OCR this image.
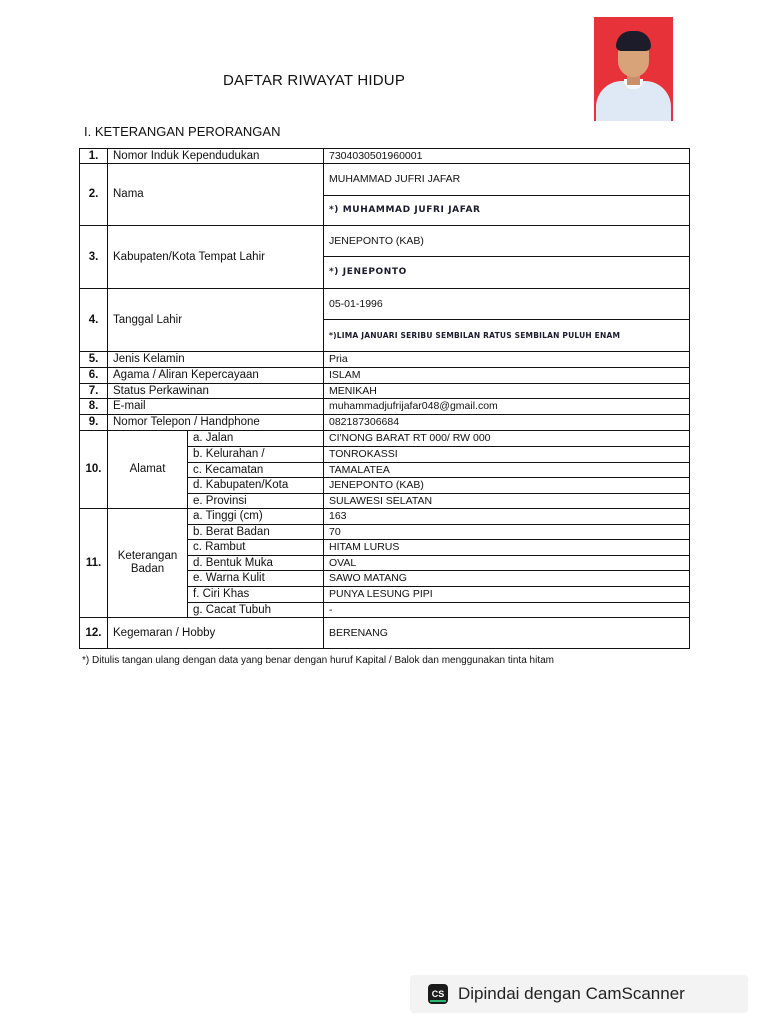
DAFTAR RIWAYAT HIDUP
I. KETERANGAN PERORANGAN
1.	Nomor Induk Kependudukan		7304030501960001
2.	Nama		MUHAMMAD JUFRI JAFAR
			*) MUHAMMAD JUFRI JAFAR
3.	Kabupaten/Kota Tempat Lahir		JENEPONTO (KAB)
			*) JENEPONTO
4.	Tanggal Lahir		05-01-1996
			*)LIMA JANUARI SERIBU SEMBILAN RATUS SEMBILAN PULUH ENAM
5.	Jenis Kelamin		Pria
6.	Agama / Aliran Kepercayaan		ISLAM
7.	Status Perkawinan		MENIKAH
8.	E-mail		muhammadjufrijafar048@gmail.com
9.	Nomor Telepon / Handphone		082187306684
10.	Alamat	a. Jalan	CI'NONG BARAT RT 000/ RW 000
		b. Kelurahan /	TONROKASSI
		c. Kecamatan	TAMALATEA
		d. Kabupaten/Kota	JENEPONTO (KAB)
		e. Provinsi	SULAWESI SELATAN
11.	Keterangan Badan	a. Tinggi (cm)	163
		b. Berat Badan	70
		c. Rambut	HITAM LURUS
		d. Bentuk Muka	OVAL
		e. Warna Kulit	SAWO MATANG
		f. Ciri Khas	PUNYA LESUNG PIPI
		g. Cacat Tubuh	-
12.	Kegemaran / Hobby		BERENANG
*) Ditulis tangan ulang dengan data yang benar dengan huruf Kapital / Balok dan menggunakan tinta hitam
CS Dipindai dengan CamScanner
